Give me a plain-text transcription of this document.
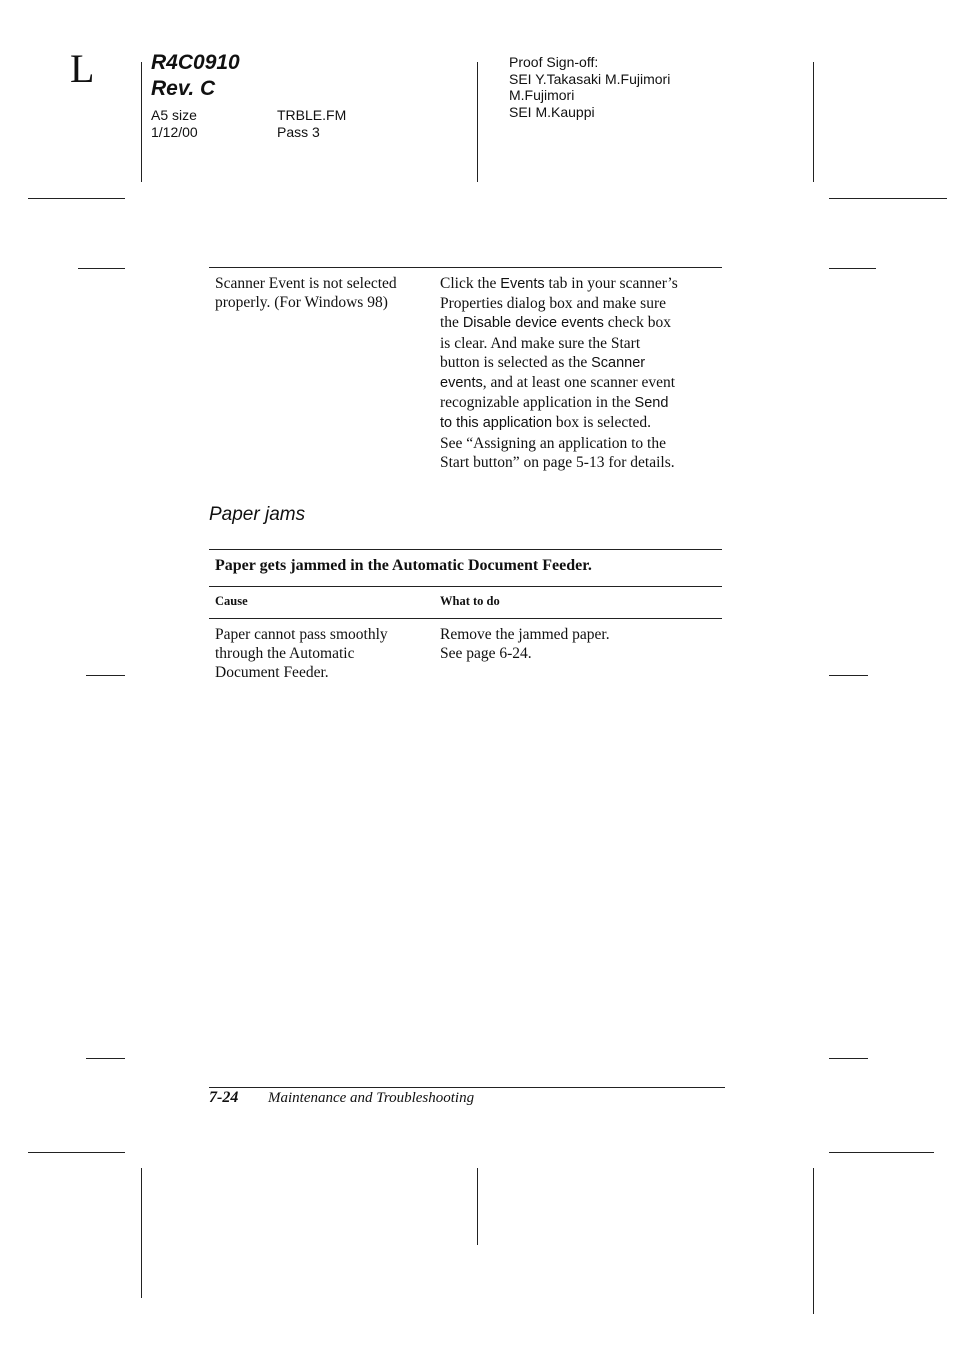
L	R4C0910
Rev. C
A5 size
1/12/00
TRBLE.FM
Pass 3
Proof Sign-off:
SEI Y.Takasaki M.Fujimori
M.Fujimori
SEI M.Kauppi
Scanner Event is not selected
properly. (For Windows 98)
Click the Events tab in your scanner’s
Properties dialog box and make sure
the Disable device events check box
is clear. And make sure the Start
button is selected as the Scanner
events, and at least one scanner event
recognizable application in the Send
to this application box is selected.
See “Assigning an application to the
Start button” on page 5-13 for details.
Paper jams
Paper gets jammed in the Automatic Document Feeder.
Cause	What to do
Paper cannot pass smoothly
through the Automatic
Document Feeder.
Remove the jammed paper.
See page 6-24.
7-24 Maintenance and Troubleshooting
